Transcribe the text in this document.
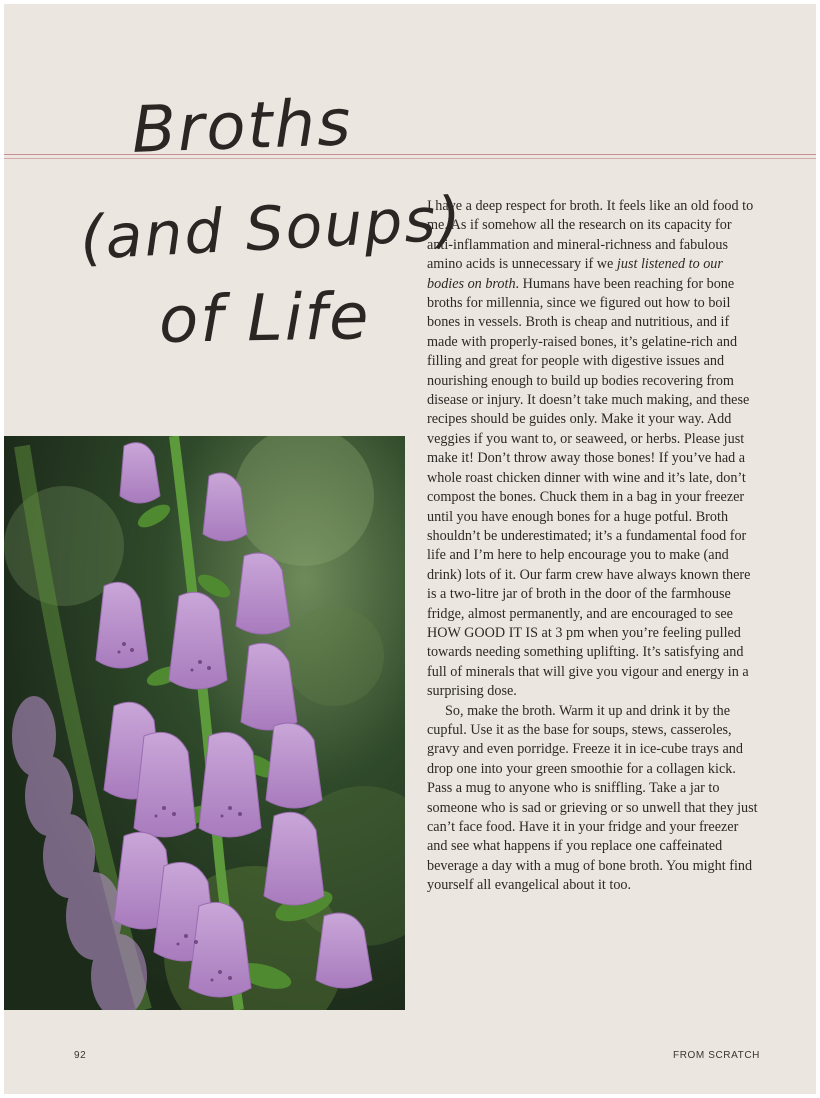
Broths
(and Soups)
of Life

I have a deep respect for broth. It feels like an old food to me. As if somehow all the research on its capacity for anti-inflammation and mineral-richness and fabulous amino acids is unnecessary if we just listened to our bodies on broth. Humans have been reaching for bone broths for millennia, since we figured out how to boil bones in vessels. Broth is cheap and nutritious, and if made with properly-raised bones, it’s gelatine-rich and filling and great for people with digestive issues and nourishing enough to build up bodies recovering from disease or injury. It doesn’t take much making, and these recipes should be guides only. Make it your way. Add veggies if you want to, or seaweed, or herbs. Please just make it! Don’t throw away those bones! If you’ve had a whole roast chicken dinner with wine and it’s late, don’t compost the bones. Chuck them in a bag in your freezer until you have enough bones for a huge potful. Broth shouldn’t be underestimated; it’s a fundamental food for life and I’m here to help encourage you to make (and drink) lots of it. Our farm crew have always known there is a two-litre jar of broth in the door of the farmhouse fridge, almost permanently, and are encouraged to see HOW GOOD IT IS at 3 pm when you’re feeling pulled towards needing something uplifting. It’s satisfying and full of minerals that will give you vigour and energy in a surprising dose.

So, make the broth. Warm it up and drink it by the cupful. Use it as the base for soups, stews, casseroles, gravy and even porridge. Freeze it in ice-cube trays and drop one into your green smoothie for a collagen kick. Pass a mug to anyone who is sniffling. Take a jar to someone who is sad or grieving or so unwell that they just can’t face food. Have it in your fridge and your freezer and see what happens if you replace one caffeinated beverage a day with a mug of bone broth. You might find yourself all evangelical about it too.

92	FROM SCRATCH
